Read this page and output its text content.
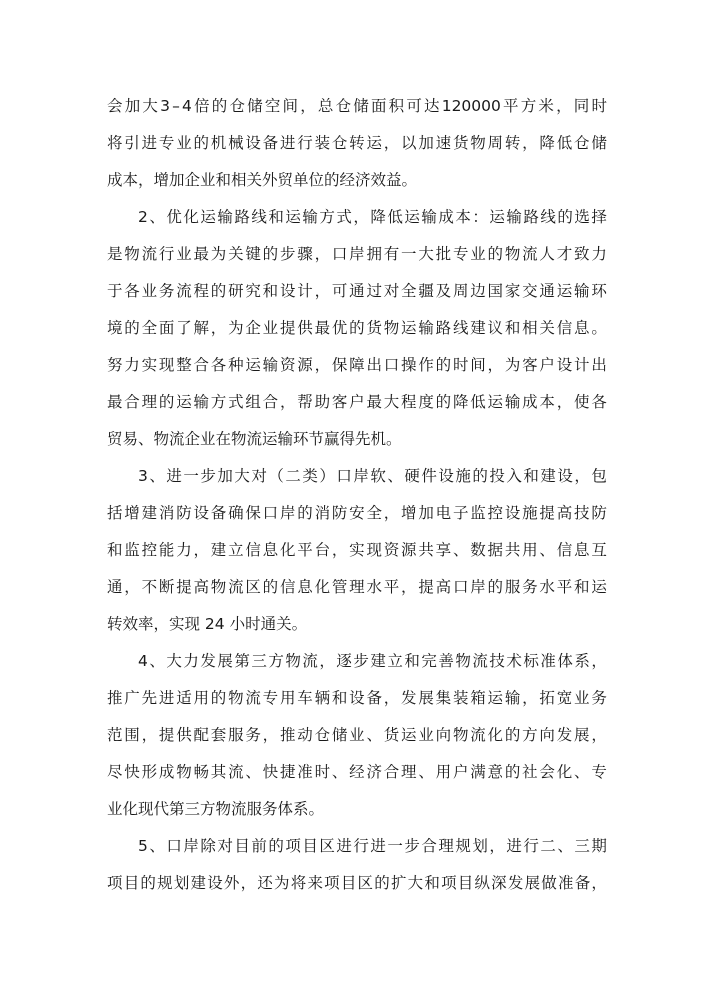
会 加 大 3 – 4 倍 的 仓 储 空 间 ， 总 仓 储 面 积 可 达 120000 平 方 米 ， 同 时
将 引 进 专 业 的 机 械 设 备 进 行 装 仓 转 运 ， 以 加 速 货 物 周 转 ， 降 低 仓 储
成本，增加企业和相关外贸单位的经济效益。
2 、 优 化 运 输 路 线 和 运 输 方 式 ， 降 低 运 输 成 本 ： 运 输 路 线 的 选 择
是 物 流 行 业 最 为 关 键 的 步 骤 ， 口 岸 拥 有 一 大 批 专 业 的 物 流 人 才 致 力
于 各 业 务 流 程 的 研 究 和 设 计 ， 可 通 过 对 全 疆 及 周 边 国 家 交 通 运 输 环
境 的 全 面 了 解 ， 为 企 业 提 供 最 优 的 货 物 运 输 路 线 建 议 和 相 关 信 息 。
努 力 实 现 整 合 各 种 运 输 资 源 ， 保 障 出 口 操 作 的 时 间 ， 为 客 户 设 计 出
最 合 理 的 运 输 方 式 组 合 ， 帮 助 客 户 最 大 程 度 的 降 低 运 输 成 本 ， 使 各
贸易、物流企业在物流运输环节赢得先机。
3 、 进 一 步 加 大 对 （ 二 类 ） 口 岸 软 、 硬 件 设 施 的 投 入 和 建 设 ， 包
括 增 建 消 防 设 备 确 保 口 岸 的 消 防 安 全 ， 增 加 电 子 监 控 设 施 提 高 技 防
和 监 控 能 力 ， 建 立 信 息 化 平 台 ， 实 现 资 源 共 享 、 数 据 共 用 、 信 息 互
通 ， 不 断 提 高 物 流 区 的 信 息 化 管 理 水 平 ， 提 高 口 岸 的 服 务 水 平 和 运
转效率，实现 24 小时通关。
4 、 大 力 发 展 第 三 方 物 流 ， 逐 步 建 立 和 完 善 物 流 技 术 标 准 体 系 ，
推 广 先 进 适 用 的 物 流 专 用 车 辆 和 设 备 ， 发 展 集 装 箱 运 输 ， 拓 宽 业 务
范 围 ， 提 供 配 套 服 务 ， 推 动 仓 储 业 、 货 运 业 向 物 流 化 的 方 向 发 展 ，
尽 快 形 成 物 畅 其 流 、 快 捷 准 时 、 经 济 合 理 、 用 户 满 意 的 社 会 化 、 专
业化现代第三方物流服务体系。
5 、 口 岸 除 对 目 前 的 项 目 区 进 行 进 一 步 合 理 规 划 ， 进 行 二 、 三 期
项 目 的 规 划 建 设 外 ， 还 为 将 来 项 目 区 的 扩 大 和 项 目 纵 深 发 展 做 准 备 ，
